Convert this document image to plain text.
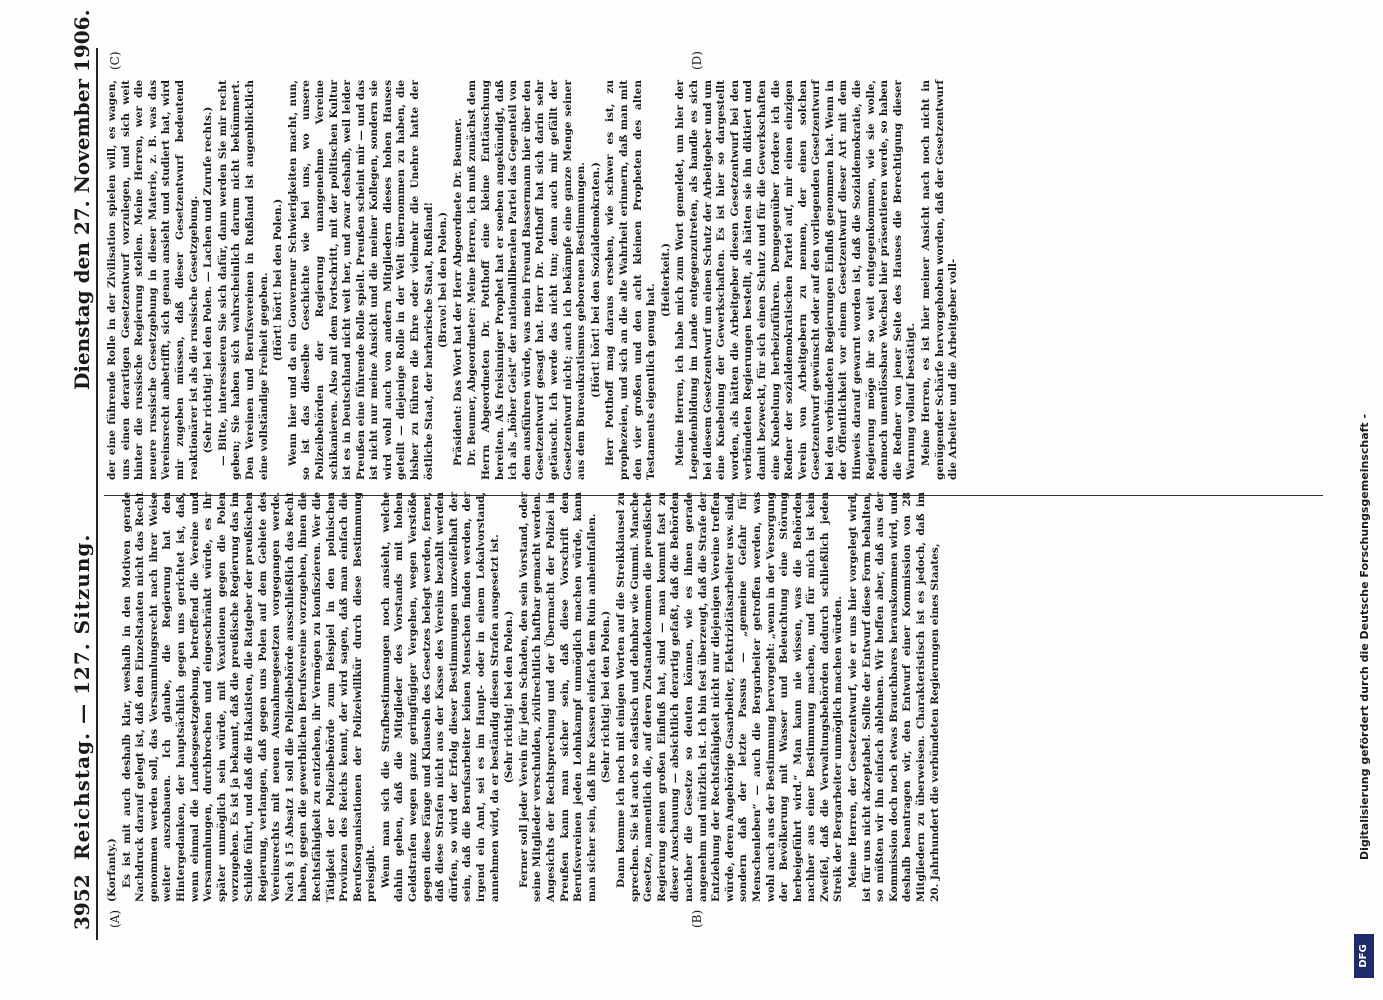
3952
Reichstag. — 127. Sitzung.
Dienstag den 27. November 1906.
(A)	(B)
(C)	(D)

(Korfanty.) Es ist mit auch deshalb klar, weshalb in den Motiven gerade Nachdruck darauf gelegt ist, daß den Einzelstaaten nicht das Recht genommen werden soll, das Versammlungsrecht nach ihrer Weise weiter auszubauen. Ich glaube, die Regierung hat den Hintergedanken, der hauptsächlich gegen uns gerichtet ist, daß, wenn einmal die Landesgesetzgebung, betreffend die Vereine und Versammlungen, durchbrochen und eingeschränkt würde, es ihr später unmöglich sein würde, mit Vexationen gegen die Polen vorzugehen. Es ist ja bekannt, daß die preußische Regierung das im Schilde führt, und daß die Hakatisten, die Ratgeber der preußischen Regierung, verlangen, daß gegen uns Polen auf dem Gebiete des Vereinsrechts mit neuen Ausnahmegesetzen vorgegangen werde. Nach § 15 Absatz 1 soll die Polizeibehörde ausschließlich das Recht haben, gegen die gewerblichen Berufsvereine vorzugehen, ihnen die Rechtsfähigkeit zu entziehen, ihr Vermögen zu konfiszieren. Wer die Tätigkeit der Polizeibehörde zum Beispiel in den polnischen Provinzen des Reichs kennt, der wird sagen, daß man einfach die Berufsorganisationen der Polizeiwillkür durch diese Bestimmung preisgibt. Wenn man sich die Strafbestimmungen noch ansieht, welche dahin gehen, daß die Mitglieder des Vorstands mit hohen Geldstrafen wegen ganz geringfügiger Vergehen, wegen Verstöße gegen diese Fänge und Klauseln des Gesetzes belegt werden, ferner, daß diese Strafen nicht aus der Kasse des Vereins bezahlt werden dürfen, so wird der Erfolg dieser Bestimmungen unzweifelhaft der sein, daß die Berufsarbeiter keinen Menschen finden werden, der irgend ein Amt, sei es im Haupt- oder in einem Lokalvorstand, annehmen wird, da er beständig diesen Strafen ausgesetzt ist. (Sehr richtig! bei den Polen.) Ferner soll jeder Verein für jeden Schaden, den sein Vorstand, oder seine Mitglieder verschulden, zivilrechtlich haftbar gemacht werden. Angesichts der Rechtsprechung und der Übermacht der Polizei in Preußen kann man sicher sein, daß diese Vorschrift den Berufsvereinen jeden Lohnkampf unmöglich machen würde, kann man sicher sein, daß ihre Kassen einfach dem Ruin anheimfallen. (Sehr richtig! bei den Polen.) Dann komme ich noch mit einigen Worten auf die Streikklausel zu sprechen. Sie ist auch so elastisch und dehnbar wie Gummi. Manche Gesetze, namentlich die, auf deren Zustandekommen die preußische Regierung einen großen Einfluß hat, sind — man kommt fast zu dieser Anschauung — absichtlich derartig gefaßt, daß die Behörden nachher die Gesetze so deuten können, wie es ihnen gerade angenehm und nützlich ist. Ich bin fest überzeugt, daß die Strafe der Entziehung der Rechtsfähigkeit nicht nur diejenigen Vereine treffen würde, deren Angehörige Gasarbeiter, Elektrizitätsarbeiter usw. sind, sondern daß der letzte Passus — „gemeine Gefahr für Menschenleben“ — auch die Bergarbeiter getroffen werden, was wohl auch aus der Bestimmung hervorgeht: „wenn in der Versorgung der Bevölkerung mit Wasser und Beleuchtung eine Störung herbeigeführt wird.“ Man kann nie wissen, was die Behörden nachher aus einer Bestimmung machen, und für mich ist kein Zweifel, daß die Verwaltungsbehörden dadurch schließlich jeden Streik der Bergarbeiter unmöglich machen würden. Meine Herren, der Gesetzentwurf, wie er uns hier vorgelegt wird, ist für uns nicht akzeptabel. Sollte der Entwurf diese Form behalten, so müßten wir ihn einfach ablehnen. Wir hoffen aber, daß aus der Kommission doch noch etwas Brauchbares herauskommen wird, und deshalb beantragen wir, den Entwurf einer Kommission von 28 Mitgliedern zu überweisen. Charakteristisch ist es jedoch, daß im 20. Jahrhundert die verbündeten Regierungen eines Staates,

der eine führende Rolle in der Zivilisation spielen will, es wagen, uns einen derartigen Gesetzentwurf vorzulegen, und sich weit hinter die russische Regierung stellen. Meine Herren, wer die neuere russische Gesetzgebung in dieser Materie, z. B. was das Vereinsrecht anbetrifft, sich genau ansieht und studiert hat, wird mir zugeben müssen, daß dieser Gesetzentwurf bedeutend reaktionärer ist als die russische Gesetzgebung. (Sehr richtig! bei den Polen. — Lachen und Zurufe rechts.) — Bitte, interessieren Sie sich dafür, dann werden Sie mir recht geben; Sie haben sich wahrscheinlich darum nicht bekümmert. Den Vereinen und Berufsvereinen in Rußland ist augenblicklich eine vollständige Freiheit gegeben. (Hört! hört! bei den Polen.) Wenn hier und da ein Gouverneur Schwierigkeiten macht, nun, so ist das dieselbe Geschichte wie bei uns, wo unsere Polizeibehörden der Regierung unangenehme Vereine schikanieren. Also mit dem Fortschritt, mit der politischen Kultur ist es in Deutschland nicht weit her, und zwar deshalb, weil leider Preußen eine führende Rolle spielt. Preußen scheint mir — und das ist nicht nur meine Ansicht und die meiner Kollegen, sondern sie wird wohl auch von andern Mitgliedern dieses hohen Hauses geteilt — diejenige Rolle in der Welt übernommen zu haben, die bisher zu führen die Ehre oder vielmehr die Unehre hatte der östliche Staat, der barbarische Staat, Rußland! (Bravo! bei den Polen.) Präsident: Das Wort hat der Herr Abgeordnete Dr. Beumer. Dr. Beumer, Abgeordneter: Meine Herren, ich muß zunächst dem Herrn Abgeordneten Dr. Potthoff eine kleine Enttäuschung bereiten. Als freisinniger Prophet hat er soeben angekündigt, daß ich als „höher Geist“ der nationalliberalen Partei das Gegenteil von dem ausführen würde, was mein Freund Bassermann hier über den Gesetzentwurf gesagt hat. Herr Dr. Potthoff hat sich darin sehr getäuscht. Ich werde das nicht tun; denn auch mir gefällt der Gesetzentwurf nicht; auch ich bekämpfe eine ganze Menge seiner aus dem Bureaukratismus geborenen Bestimmungen. (Hört! hört! bei den Sozialdemokraten.) Herr Potthoff mag daraus ersehen, wie schwer es ist, zu prophezeien, und sich an die alte Wahrheit erinnern, daß man mit den vier großen und den acht kleinen Propheten des alten Testaments eigentlich genug hat.

(Heiterkeit.) Meine Herren, ich habe mich zum Wort gemeldet, um hier der Legendenbildung im Lande entgegenzutreten, als handle es sich bei diesem Gesetzentwurf um einen Schutz der Arbeitgeber und um eine Knebelung der Gewerkschaften. Es ist hier so dargestellt worden, als hätten die Arbeitgeber diesen Gesetzentwurf bei den verbündeten Regierungen bestellt, als hätten sie ihn diktiert und damit bezweckt, für sich einen Schutz und für die Gewerkschaften eine Knebelung herbeizuführen. Demgegenüber fordere ich die Redner der sozialdemokratischen Partei auf, mir einen einzigen Verein von Arbeitgebern zu nennen, der einen solchen Gesetzentwurf gewünscht oder auf den vorliegenden Gesetzentwurf bei den verbündeten Regierungen Einfluß genommen hat. Wenn in der Öffentlichkeit vor einem Gesetzentwurf dieser Art mit dem Hinweis darauf gewarnt worden ist, daß die Sozialdemokratie, die Regierung möge ihr so weit entgegenkommen, wie sie wolle, dennoch unentlössbare Wechsel hier präsentieren werde, so haben die Redner von jener Seite des Hauses die Berechtigung dieser Warnung vollauf bestätigt. Meine Herren, es ist hier meiner Ansicht nach noch nicht in genügender Schärfe hervorgehoben worden, daß der Gesetzentwurf die Arbeiter und die Arbeitgeber voll-

DFG
Digitalisierung gefördert durch die Deutsche Forschungsgemeinschaft -
